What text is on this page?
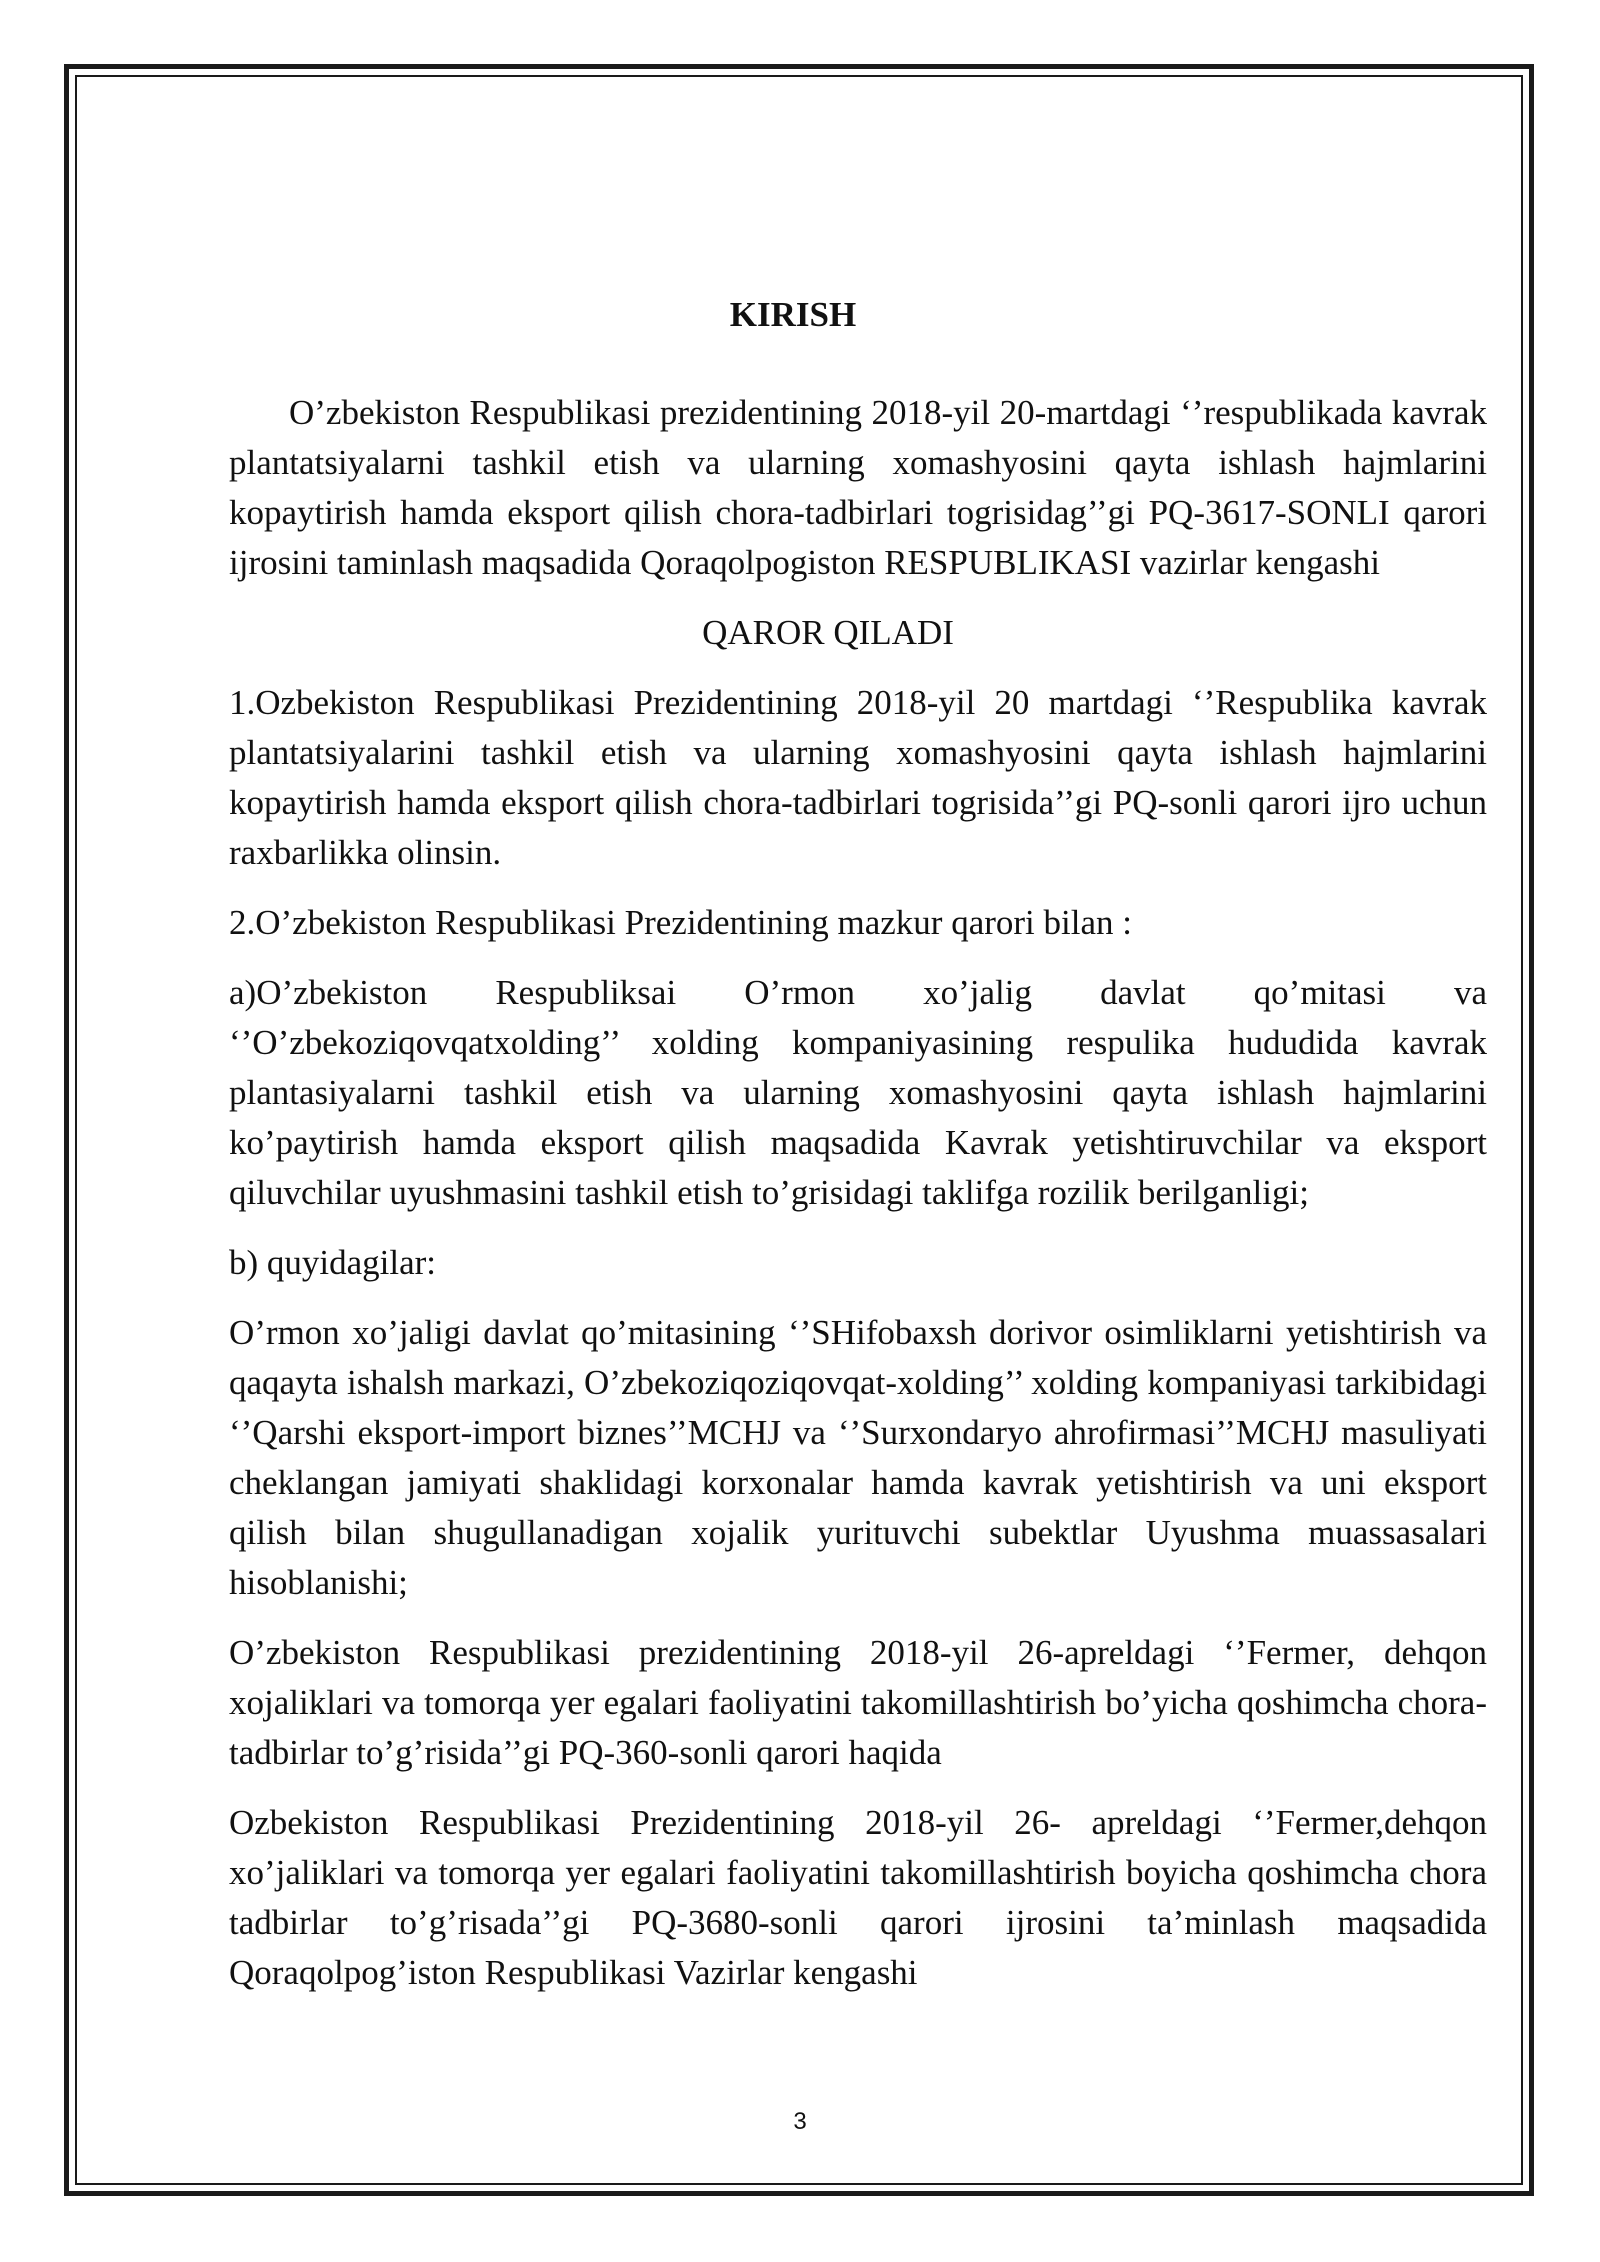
KIRISH

O’zbekiston Respublikasi prezidentining 2018-yil 20-martdagi ‘’respublikada kavrak plantatsiyalarni tashkil etish va ularning xomashyosini qayta ishlash hajmlarini kopaytirish hamda eksport qilish chora-tadbirlari togrisidag’’gi PQ-3617-SONLI qarori ijrosini taminlash maqsadida Qoraqolpogiston RESPUBLIKASI vazirlar kengashi

QAROR QILADI

1.Ozbekiston Respublikasi Prezidentining 2018-yil 20 martdagi ‘’Respublika kavrak plantatsiyalarini tashkil etish va ularning xomashyosini qayta ishlash hajmlarini kopaytirish hamda eksport qilish chora-tadbirlari togrisida’’gi PQ-sonli qarori ijro uchun raxbarlikka olinsin.

2.O’zbekiston Respublikasi Prezidentining mazkur qarori bilan :

a)O’zbekiston Respubliksai O’rmon xo’jalig davlat qo’mitasi va ‘’O’zbekoziqovqatxolding’’ xolding kompaniyasining respulika hududida kavrak plantasiyalarni tashkil etish va ularning xomashyosini qayta ishlash hajmlarini ko’paytirish hamda eksport qilish maqsadida Kavrak yetishtiruvchilar va eksport qiluvchilar uyushmasini tashkil etish to’grisidagi taklifga rozilik berilganligi;

b) quyidagilar:

O’rmon xo’jaligi davlat qo’mitasining ‘’SHifobaxsh dorivor osimliklarni yetishtirish va qaqayta ishalsh markazi, O’zbekoziqoziqovqat-xolding’’ xolding kompaniyasi tarkibidagi ‘’Qarshi eksport-import biznes’’MCHJ va ‘’Surxondaryo ahrofirmasi’’MCHJ masuliyati cheklangan jamiyati shaklidagi korxonalar hamda kavrak yetishtirish va uni eksport qilish bilan shugullanadigan xojalik yurituvchi subektlar Uyushma muassasalari hisoblanishi;

O’zbekiston Respublikasi prezidentining 2018-yil 26-apreldagi ‘’Fermer, dehqon xojaliklari va tomorqa yer egalari faoliyatini takomillashtirish bo’yicha qoshimcha chora-tadbirlar to’g’risida’’gi PQ-360-sonli qarori haqida

Ozbekiston Respublikasi Prezidentining 2018-yil 26- apreldagi ‘’Fermer,dehqon xo’jaliklari va tomorqa yer egalari faoliyatini takomillashtirish boyicha qoshimcha chora tadbirlar to’g’risada’’gi PQ-3680-sonli qarori ijrosini ta’minlash maqsadida Qoraqolpog’iston Respublikasi Vazirlar kengashi

3
